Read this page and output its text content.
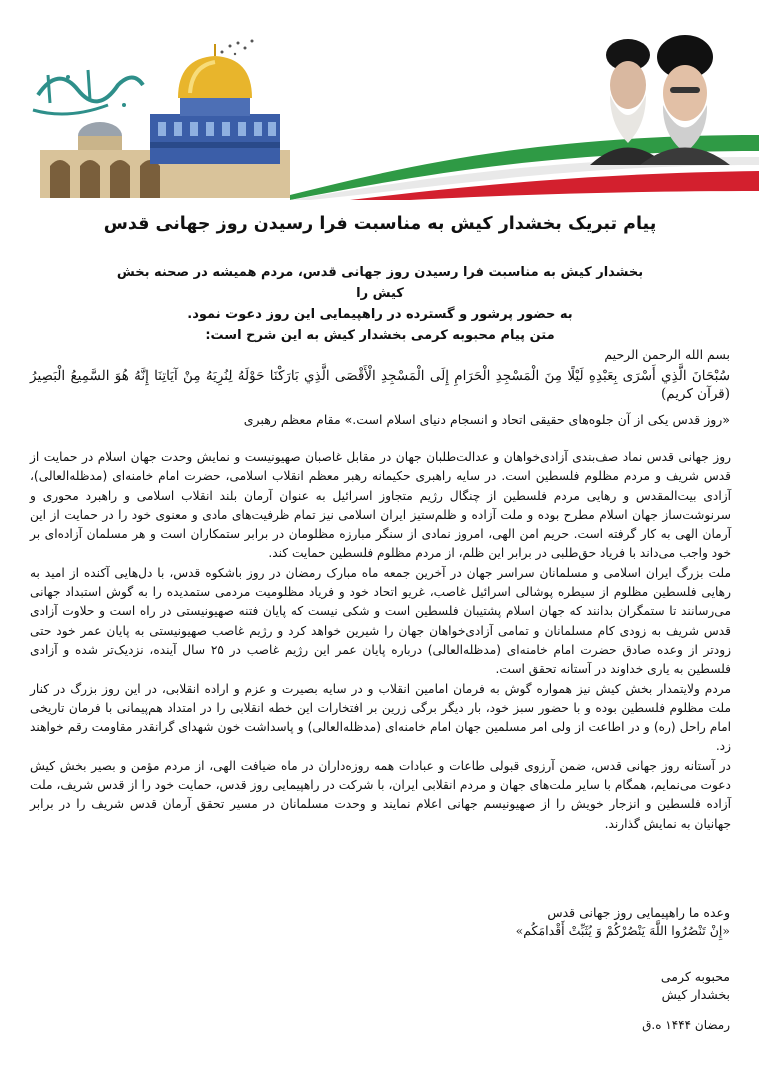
پیام تبریک بخشدار کیش به مناسبت فرا رسیدن روز جهانی قدس

بخشدار کیش به مناسبت فرا رسیدن روز جهانی قدس، مردم همیشه در صحنه بخش کیش را

به حضور پرشور و گسترده در راهپیمایی این روز دعوت نمود.

متن پیام محبوبه کرمی بخشدار کیش به این شرح است:

بسم الله الرحمن الرحیم
سُبْحَانَ الَّذِي أَسْرَى بِعَبْدِهِ لَيْلًا مِنَ الْمَسْجِدِ الْحَرَامِ إِلَى الْمَسْجِدِ الْأَقْصَى الَّذِي بَارَكْنَا حَوْلَهُ لِنُرِيَهُ مِنْ آيَاتِنَا إِنَّهُ هُوَ السَّمِيعُ الْبَصِيرُ (قرآن کریم)
«روز قدس یکی از آن جلوه‌های حقیقی اتحاد و انسجام دنیای اسلام است.» مقام معظم رهبری

روز جهانی قدس نماد صف‌بندی آزادی‌خواهان و عدالت‌طلبان جهان در مقابل غاصبان صهیونیست و نمایش وحدت جهان اسلام در حمایت از قدس شریف و مردم مظلوم فلسطین است. در سایه راهبری حکیمانه رهبر معظم انقلاب اسلامی، حضرت امام خامنه‌ای (مدظله‌العالی)، آزادی بیت‌المقدس و رهایی مردم فلسطین از چنگال رژیم متجاوز اسرائیل به عنوان آرمان بلند انقلاب اسلامی و راهبرد محوری و سرنوشت‌ساز جهان اسلام مطرح بوده و ملت آزاده و ظلم‌ستیز ایران اسلامی نیز تمام ظرفیت‌های مادی و معنوی خود را در حمایت از این آرمان الهی به کار گرفته است. حریم امن الهی، امروز نمادی از سنگر مبارزه مظلومان در برابر ستمکاران است و هر مسلمان آزاده‌ای بر خود واجب می‌داند با فریاد حق‌طلبی در برابر این ظلم، از مردم مظلوم فلسطین حمایت کند.

ملت بزرگ ایران اسلامی و مسلمانان سراسر جهان در آخرین جمعه ماه مبارک رمضان در روز باشکوه قدس، با دل‌هایی آکنده از امید به رهایی فلسطین مظلوم از سیطره پوشالی اسرائیل غاصب، غریو اتحاد خود و فریاد مظلومیت مردمی ستمدیده را به گوش استبداد جهانی می‌رسانند تا ستمگران بدانند که جهان اسلام پشتیبان فلسطین است و شکی نیست که پایان فتنه صهیونیستی در راه است و حلاوت آزادی قدس شریف به زودی کام مسلمانان و تمامی آزادی‌خواهان جهان را شیرین خواهد کرد و رژیم غاصب صهیونیستی به پایان عمر خود حتی زودتر از وعده صادق حضرت امام خامنه‌ای (مدظله‌العالی) درباره پایان عمر این رژیم غاصب در ۲۵ سال آینده، نزدیک‌تر شده و آزادی فلسطین به یاری خداوند در آستانه تحقق است.

مردم ولایتمدار بخش کیش نیز همواره گوش به فرمان امامین انقلاب و در سایه بصیرت و عزم و اراده انقلابی، در این روز بزرگ در کنار ملت مظلوم فلسطین بوده و با حضور سبز خود، بار دیگر برگی زرین بر افتخارات این خطه انقلابی را در امتداد هم‌پیمانی با فرمان تاریخی امام راحل (ره) و در اطاعت از ولی امر مسلمین جهان امام خامنه‌ای (مدظله‌العالی) و پاسداشت خون شهدای گرانقدر مقاومت رقم خواهند زد.

در آستانه روز جهانی قدس، ضمن آرزوی قبولی طاعات و عبادات همه روزه‌داران در ماه ضیافت الهی، از مردم مؤمن و بصیر بخش کیش دعوت می‌نمایم، همگام با سایر ملت‌های جهان و مردم انقلابی ایران، با شرکت در راهپیمایی روز قدس، حمایت خود را از قدس شریف، ملت آزاده فلسطین و انزجار خویش را از صهیونیسم جهانی اعلام نمایند و وحدت مسلمانان در مسیر تحقق آرمان قدس شریف را در برابر جهانیان به نمایش گذارند.

وعده ما راهپیمایی روز جهانی قدس

«إِنْ تَنْصُرُوا اللَّهَ يَنْصُرْكُمْ وَ يُثَبِّتْ أَقْدامَكُم»

محبوبه کرمی

بخشدار کیش

رمضان ۱۴۴۴ ه.ق
